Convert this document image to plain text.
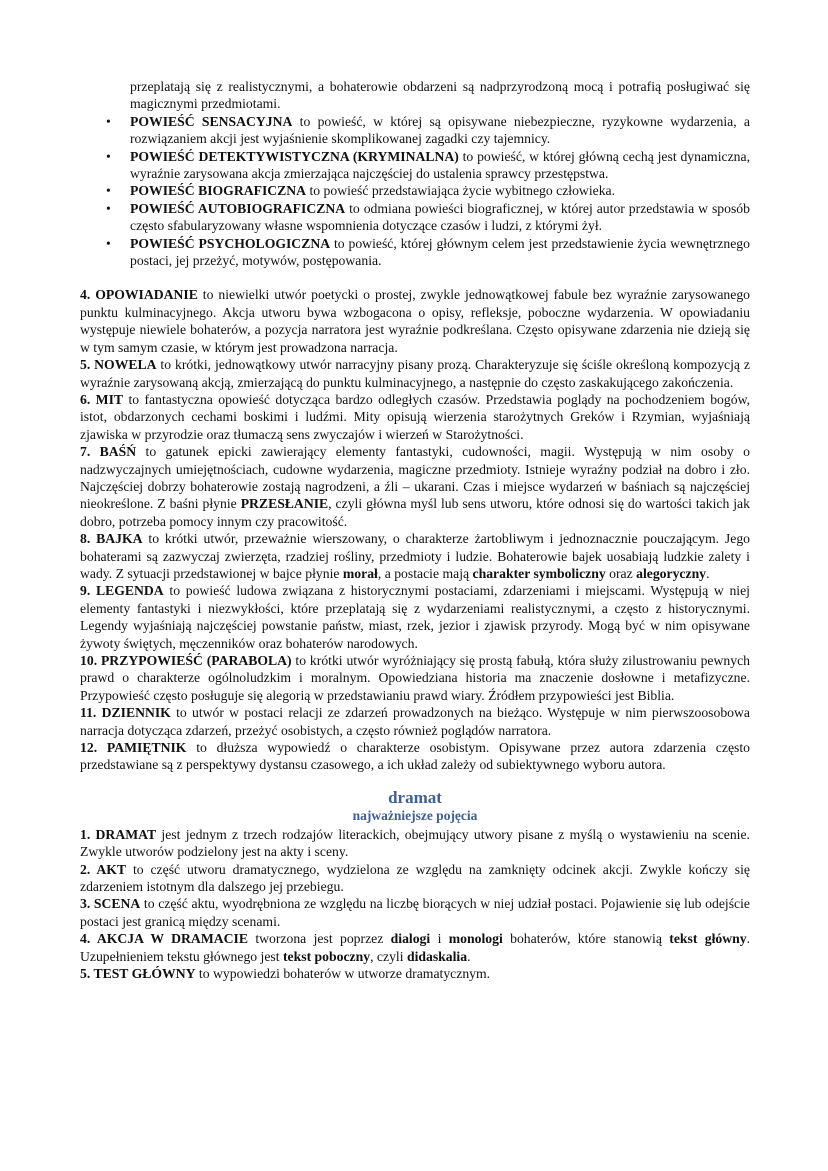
przeplatają się z realistycznymi, a bohaterowie obdarzeni są nadprzyrodzoną mocą i potrafią posługiwać się magicznymi przedmiotami.
• POWIEŚĆ SENSACYJNA to powieść, w której są opisywane niebezpieczne, ryzykowne wydarzenia, a rozwiązaniem akcji jest wyjaśnienie skomplikowanej zagadki czy tajemnicy.
• POWIEŚĆ DETEKTYWISTYCZNA (KRYMINALNA) to powieść, w której główną cechą jest dynamiczna, wyraźnie zarysowana akcja zmierzająca najczęściej do ustalenia sprawcy przestępstwa.
• POWIEŚĆ BIOGRAFICZNA to powieść przedstawiająca życie wybitnego człowieka.
• POWIEŚĆ AUTOBIOGRAFICZNA to odmiana powieści biograficznej, w której autor przedstawia w sposób często sfabularyzowany własne wspomnienia dotyczące czasów i ludzi, z którymi żył.
• POWIEŚĆ PSYCHOLOGICZNA to powieść, której głównym celem jest przedstawienie życia wewnętrznego postaci, jej przeżyć, motywów, postępowania.

4. OPOWIADANIE to niewielki utwór poetycki o prostej, zwykle jednowątkowej fabule bez wyraźnie zarysowanego punktu kulminacyjnego. Akcja utworu bywa wzbogacona o opisy, refleksje, poboczne wydarzenia. W opowiadaniu występuje niewiele bohaterów, a pozycja narratora jest wyraźnie podkreślana. Często opisywane zdarzenia nie dzieją się w tym samym czasie, w którym jest prowadzona narracja.

5. NOWELA to krótki, jednowątkowy utwór narracyjny pisany prozą. Charakteryzuje się ściśle określoną kompozycją z wyraźnie zarysowaną akcją, zmierzającą do punktu kulminacyjnego, a następnie do często zaskakującego zakończenia.

6. MIT to fantastyczna opowieść dotycząca bardzo odległych czasów. Przedstawia poglądy na pochodzeniem bogów, istot, obdarzonych cechami boskimi i ludźmi. Mity opisują wierzenia starożytnych Greków i Rzymian, wyjaśniają zjawiska w przyrodzie oraz tłumaczą sens zwyczajów i wierzeń w Starożytności.

7. BAŚŃ to gatunek epicki zawierający elementy fantastyki, cudowności, magii. Występują w nim osoby o nadzwyczajnych umiejętnościach, cudowne wydarzenia, magiczne przedmioty. Istnieje wyraźny podział na dobro i zło. Najczęściej dobrzy bohaterowie zostają nagrodzeni, a źli – ukarani. Czas i miejsce wydarzeń w baśniach są najczęściej nieokreślone. Z baśni płynie PRZESŁANIE, czyli główna myśl lub sens utworu, które odnosi się do wartości takich jak dobro, potrzeba pomocy innym czy pracowitość.

8. BAJKA to krótki utwór, przeważnie wierszowany, o charakterze żartobliwym i jednoznacznie pouczającym. Jego bohaterami są zazwyczaj zwierzęta, rzadziej rośliny, przedmioty i ludzie. Bohaterowie bajek uosabiają ludzkie zalety i wady. Z sytuacji przedstawionej w bajce płynie morał, a postacie mają charakter symboliczny oraz alegoryczny.

9. LEGENDA to powieść ludowa związana z historycznymi postaciami, zdarzeniami i miejscami. Występują w niej elementy fantastyki i niezwykłości, które przeplatają się z wydarzeniami realistycznymi, a często z historycznymi. Legendy wyjaśniają najczęściej powstanie państw, miast, rzek, jezior i zjawisk przyrody. Mogą być w nim opisywane żywoty świętych, męczenników oraz bohaterów narodowych.

10. PRZYPOWIEŚĆ (PARABOLA) to krótki utwór wyróżniający się prostą fabułą, która służy zilustrowaniu pewnych prawd o charakterze ogólnoludzkim i moralnym. Opowiedziana historia ma znaczenie dosłowne i metafizyczne. Przypowieść często posługuje się alegorią w przedstawianiu prawd wiary. Źródłem przypowieści jest Biblia.

11. DZIENNIK to utwór w postaci relacji ze zdarzeń prowadzonych na bieżąco. Występuje w nim pierwszoosobowa narracja dotycząca zdarzeń, przeżyć osobistych, a często również poglądów narratora.

12. PAMIĘTNIK to dłuższa wypowiedź o charakterze osobistym. Opisywane przez autora zdarzenia często przedstawiane są z perspektywy dystansu czasowego, a ich układ zależy od subiektywnego wyboru autora.

dramat
najważniejsze pojęcia

1. DRAMAT jest jednym z trzech rodzajów literackich, obejmujący utwory pisane z myślą o wystawieniu na scenie. Zwykle utworów podzielony jest na akty i sceny.

2. AKT to część utworu dramatycznego, wydzielona ze względu na zamknięty odcinek akcji. Zwykle kończy się zdarzeniem istotnym dla dalszego jej przebiegu.

3. SCENA to część aktu, wyodrębniona ze względu na liczbę biorących w niej udział postaci. Pojawienie się lub odejście postaci jest granicą między scenami.

4. AKCJA W DRAMACIE tworzona jest poprzez dialogi i monologi bohaterów, które stanowią tekst główny. Uzupełnieniem tekstu głównego jest tekst poboczny, czyli didaskalia.

5. TEST GŁÓWNY to wypowiedzi bohaterów w utworze dramatycznym.
